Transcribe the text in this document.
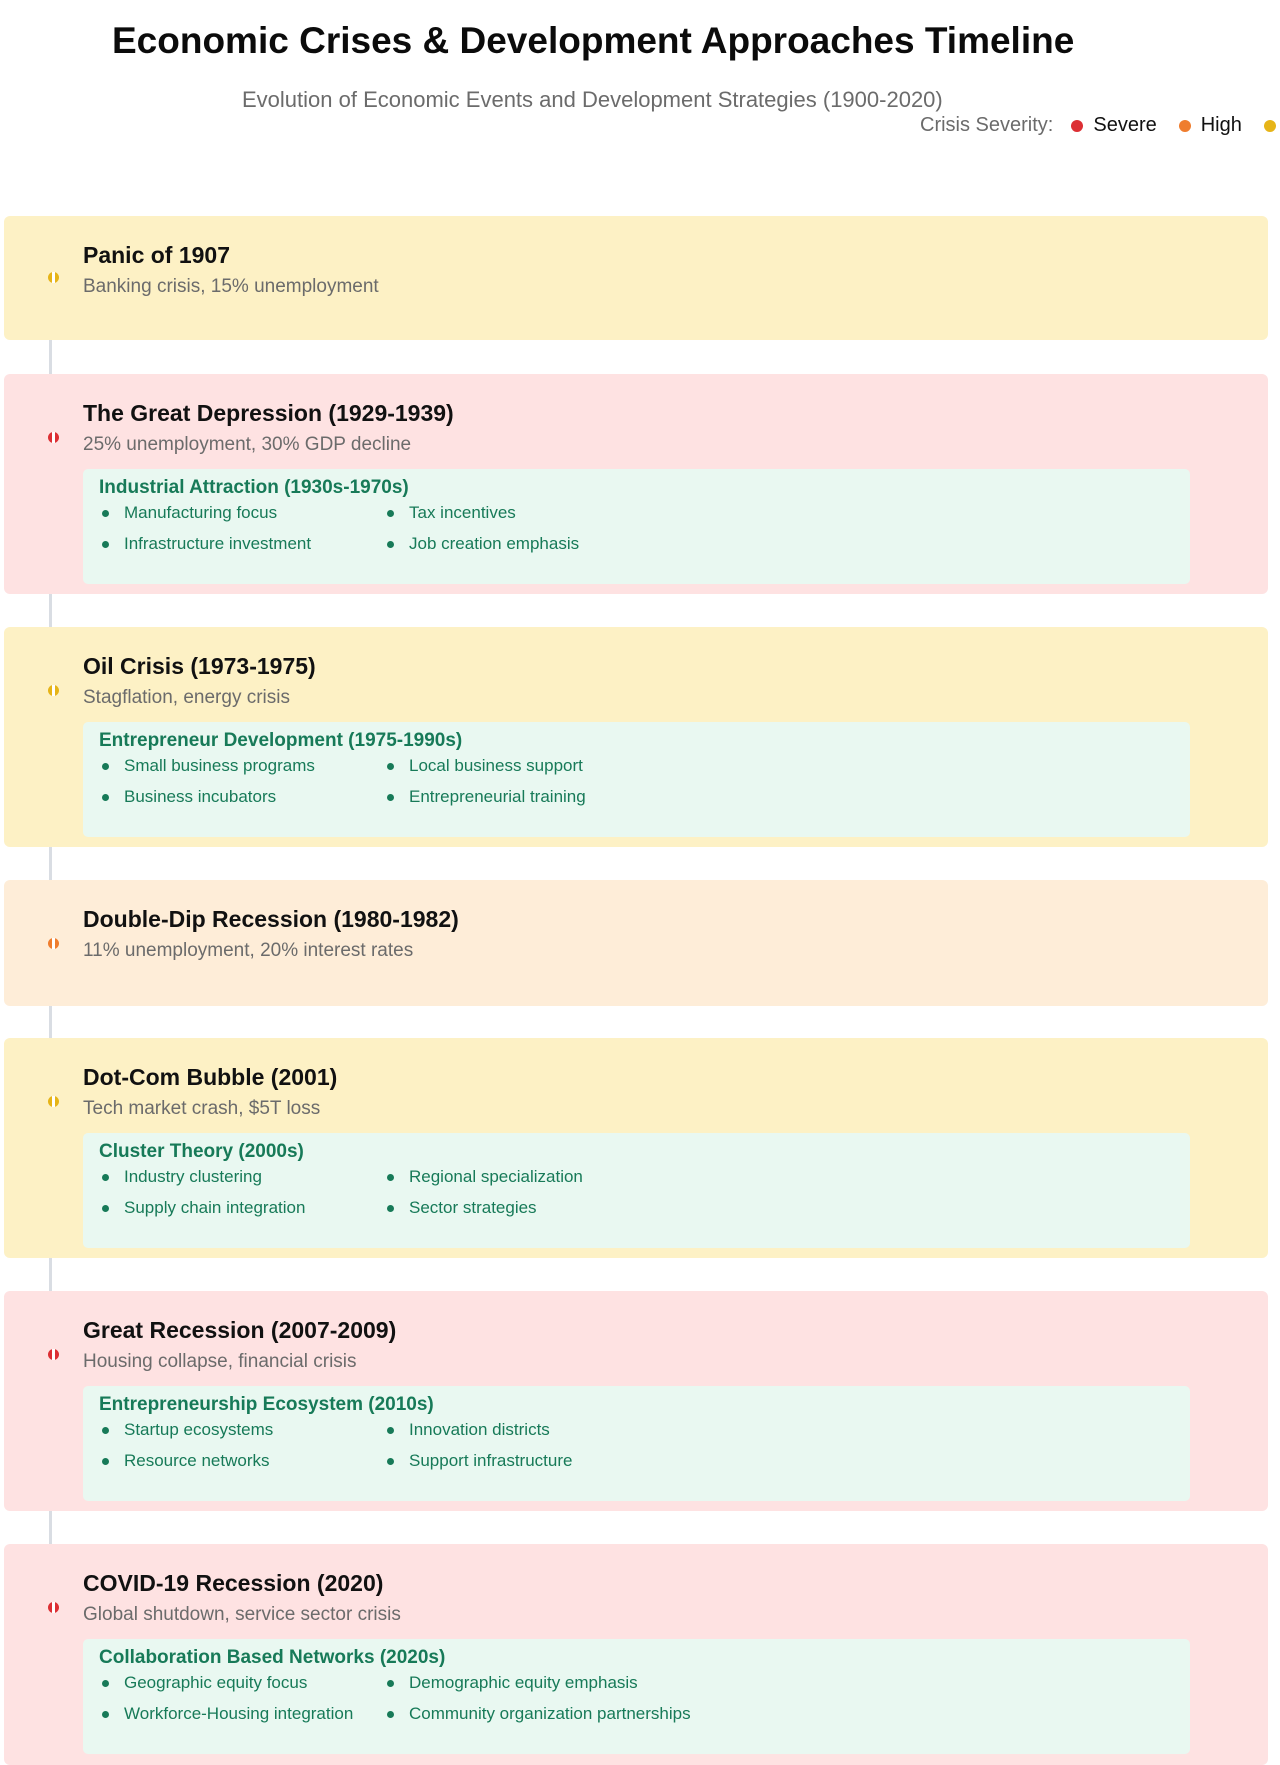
Economic Crises & Development Approaches Timeline
Evolution of Economic Events and Development Strategies (1900-2020)
Crisis Severity: Severe High
Panic of 1907
Banking crisis, 15% unemployment
The Great Depression (1929-1939)
25% unemployment, 30% GDP decline
Industrial Attraction (1930s-1970s)
Manufacturing focus	Tax incentives
Infrastructure investment	Job creation emphasis
Oil Crisis (1973-1975)
Stagflation, energy crisis
Entrepreneur Development (1975-1990s)
Small business programs	Local business support
Business incubators	Entrepreneurial training
Double-Dip Recession (1980-1982)
11% unemployment, 20% interest rates
Dot-Com Bubble (2001)
Tech market crash, $5T loss
Cluster Theory (2000s)
Industry clustering	Regional specialization
Supply chain integration	Sector strategies
Great Recession (2007-2009)
Housing collapse, financial crisis
Entrepreneurship Ecosystem (2010s)
Startup ecosystems	Innovation districts
Resource networks	Support infrastructure
COVID-19 Recession (2020)
Global shutdown, service sector crisis
Collaboration Based Networks (2020s)
Geographic equity focus	Demographic equity emphasis
Workforce-Housing integration	Community organization partnerships
